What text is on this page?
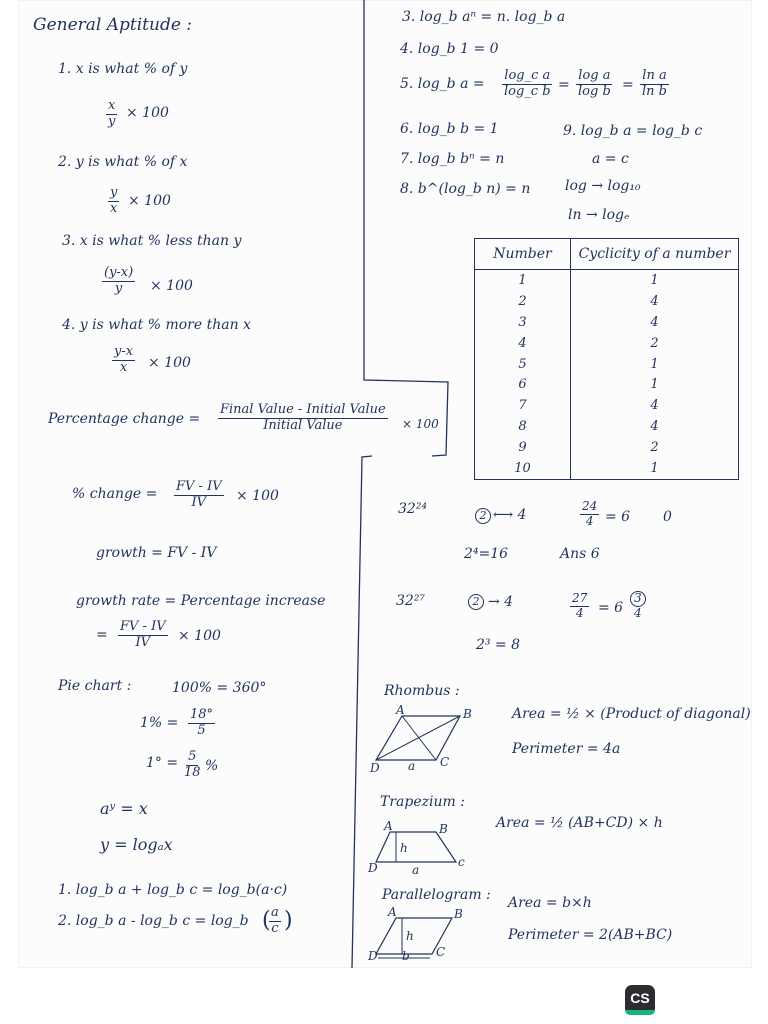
General Aptitude :
1. x is what % of y
$\frac{x}{y} \times 100$
2. y is what % of x
$\frac{y}{x} \times 100$
3. x is what % less than y
$\frac{(y-x)}{y} \times 100$
4. y is what % more than x
$\frac{y-x}{x} \times 100$
Percentage change =
Final Value - Initial Value
Initial Value	× 100
% change = $\frac{FV - IV}{IV} \times 100$
growth = FV - IV
growth rate = Percentage increase
= $\frac{FV - IV}{IV} \times 100$
Pie chart :	100% = 360°
$1\% = \frac{18^\circ}{5}$
$1^\circ = \frac{5}{18}$ %
aʸ = x
y = logₐx
1. log_b a + log_b c = log_b(a·c)
2. log_b a - log_b c = log_b (
$\frac{a}{c}$ )
3. log_b aⁿ = n. log_b a
4. log_b 1 = 0
5. log_b $a = \frac{\text{log\_c a}}{\text{log\_c b}} = \frac{\text{log a}}{\text{log b}} = \frac{\text{ln a}}{\text{ln b}}$
6. log_b b = 1
7. log_b bⁿ = n
8. b^(log_b n) = n
9. log_b a = log_b c
a = c
log → log₁₀
ln → logₑ
Number	Cyclicity of a number
1	1
2	4
3	4
4	2
5	1
6	1
7	4
8	4
9	2
10	1
32²⁴	2 ⟷ 4	$\frac{24}{4} = 6$ 0
2⁴=16	Ans 6
32²⁷	2 → 4	$\frac{27}{4} = 6 \frac{3}{4}$
2³ = 8
Rhombus :
A	B
C
D a
Area = ½ × (Product of diagonal)
Perimeter = 4a
Trapezium :
A	B
c
D
h
a
Area = ½ (AB+CD) × h
Parallelogram :
A	B
C
D
h
b
Area = b×h
Perimeter = 2(AB+BC)
CS
